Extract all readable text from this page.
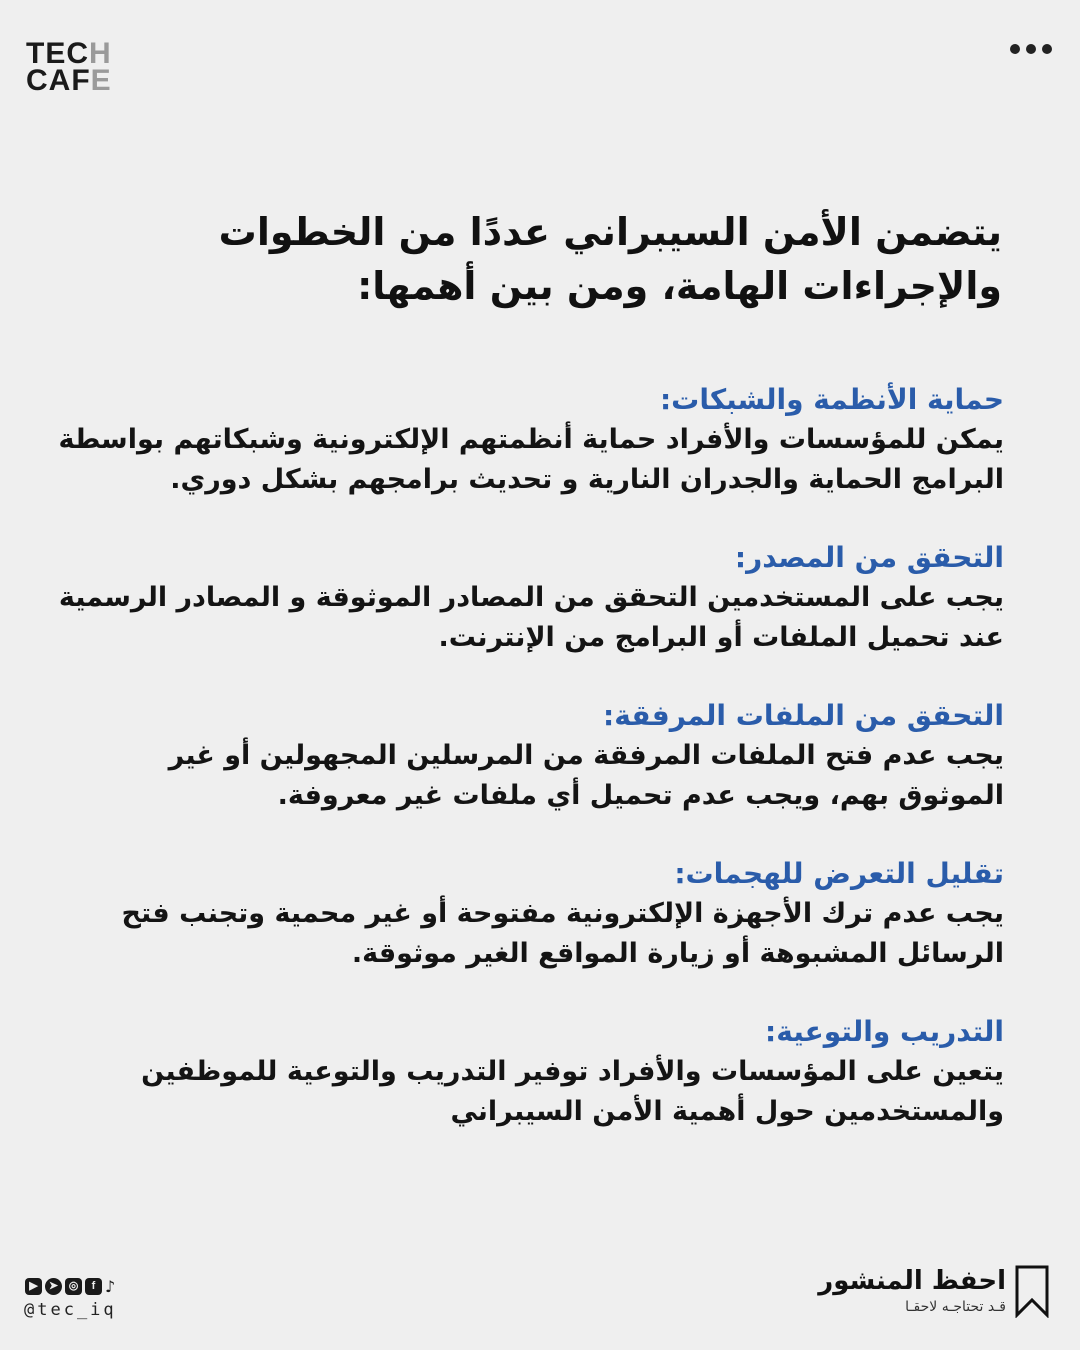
TECH
CAFE
يتضمن الأمن السيبراني عددًا من الخطوات والإجراءات الهامة، ومن بين أهمها:
حماية الأنظمة والشبكات:

يمكن للمؤسسات والأفراد حماية أنظمتهم الإلكترونية وشبكاتهم بواسطة البرامج الحماية والجدران النارية و تحديث برامجهم بشكل دوري.

التحقق من المصدر:

يجب على المستخدمين التحقق من المصادر الموثوقة و المصادر الرسمية عند تحميل الملفات أو البرامج من الإنترنت.

التحقق من الملفات المرفقة:

يجب عدم فتح الملفات المرفقة من المرسلين المجهولين أو غير الموثوق بهم، ويجب عدم تحميل أي ملفات غير معروفة.

تقليل التعرض للهجمات:

يجب عدم ترك الأجهزة الإلكترونية مفتوحة أو غير محمية وتجنب فتح الرسائل المشبوهة أو زيارة المواقع الغير موثوقة.

التدريب والتوعية:

يتعين على المؤسسات والأفراد توفير التدريب والتوعية للموظفين والمستخدمين حول أهمية الأمن السيبراني

▶	➤ ◎	f ♪
@tec_iq
احفظ المنشور
قـد تحتاجـه لاحقـا
